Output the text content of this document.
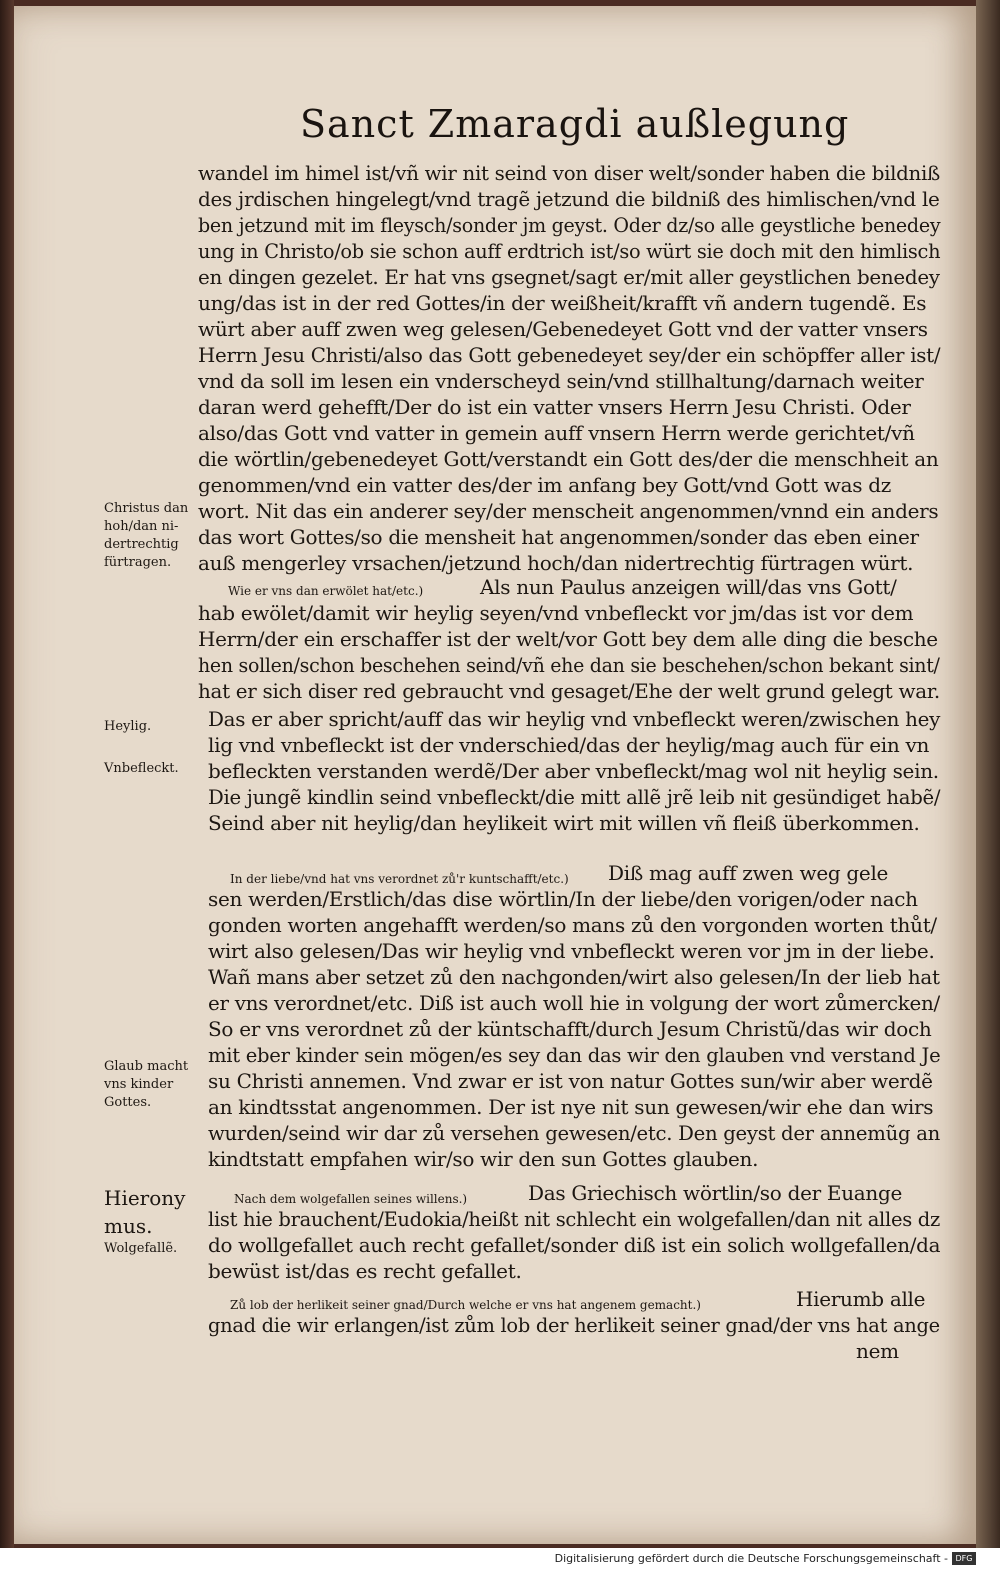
Sanct Zmaragdi außlegung
wandel im himel ist/vñ wir nit seind von diser welt/sonder haben die bildniß
des jrdischen hingelegt/vnd tragẽ jetzund die bildniß des himlischen/vnd le
ben jetzund mit im fleysch/sonder jm geyst. Oder dz/so alle geystliche benedey
ung in Christo/ob sie schon auff erdtrich ist/so würt sie doch mit den himlisch
en dingen gezelet. Er hat vns gsegnet/sagt er/mit aller geystlichen benedey
ung/das ist in der red Gottes/in der weißheit/krafft vñ andern tugendẽ. Es
würt aber auff zwen weg gelesen/Gebenedeyet Gott vnd der vatter vnsers
Herrn Jesu Christi/also das Gott gebenedeyet sey/der ein schöpffer aller ist/
vnd da soll im lesen ein vnderscheyd sein/vnd stillhaltung/darnach weiter
daran werd gehefft/Der do ist ein vatter vnsers Herrn Jesu Christi. Oder
also/das Gott vnd vatter in gemein auff vnsern Herrn werde gerichtet/vñ
die wörtlin/gebenedeyet Gott/verstandt ein Gott des/der die menschheit an
genommen/vnd ein vatter des/der im anfang bey Gott/vnd Gott was dz
wort. Nit das ein anderer sey/der menscheit angenommen/vnnd ein anders
das wort Gottes/so die mensheit hat angenommen/sonder das eben einer
auß mengerley vrsachen/jetzund hoch/dan nidertrechtig fürtragen würt.
Wie er vns dan erwölet hat/etc.)	Als nun Paulus anzeigen will/das vns Gott/
hab ewölet/damit wir heylig seyen/vnd vnbefleckt vor jm/das ist vor dem
Herrn/der ein erschaffer ist der welt/vor Gott bey dem alle ding die besche
hen sollen/schon beschehen seind/vñ ehe dan sie beschehen/schon bekant sint/
hat er sich diser red gebraucht vnd gesaget/Ehe der welt grund gelegt war.
Das er aber spricht/auff das wir heylig vnd vnbefleckt weren/zwischen hey
lig vnd vnbefleckt ist der vnderschied/das der heylig/mag auch für ein vn
befleckten verstanden werdẽ/Der aber vnbefleckt/mag wol nit heylig sein.
Die jungẽ kindlin seind vnbefleckt/die mitt allẽ jrẽ leib nit gesündiget habẽ/
Seind aber nit heylig/dan heylikeit wirt mit willen vñ fleiß überkommen.
In der liebe/vnd hat vns verordnet zů'r kuntschafft/etc.) Diß mag auff zwen weg gele
sen werden/Erstlich/das dise wörtlin/In der liebe/den vorigen/oder nach
gonden worten angehafft werden/so mans zů den vorgonden worten thůt/
wirt also gelesen/Das wir heylig vnd vnbefleckt weren vor jm in der liebe.
Wañ mans aber setzet zů den nachgonden/wirt also gelesen/In der lieb hat
er vns verordnet/etc. Diß ist auch woll hie in volgung der wort zůmercken/
So er vns verordnet zů der küntschafft/durch Jesum Christũ/das wir doch
mit eber kinder sein mögen/es sey dan das wir den glauben vnd verstand Je
su Christi annemen. Vnd zwar er ist von natur Gottes sun/wir aber werdẽ
an kindtsstat angenommen. Der ist nye nit sun gewesen/wir ehe dan wirs
wurden/seind wir dar zů versehen gewesen/etc. Den geyst der annemũg an
kindtstatt empfahen wir/so wir den sun Gottes glauben.
Nach dem wolgefallen seines willens.)	Das Griechisch wörtlin/so der Euange
list hie brauchent/Eudokia/heißt nit schlecht ein wolgefallen/dan nit alles dz
do wollgefallet auch recht gefallet/sonder diß ist ein solich wollgefallen/da
bewüst ist/das es recht gefallet.
Zů lob der herlikeit seiner gnad/Durch welche er vns hat angenem gemacht.)	Hierumb alle
gnad die wir erlangen/ist zům lob der herlikeit seiner gnad/der vns hat ange
nem
Christus dan
hoh/dan ni-
dertrechtig
fürtragen.
Heylig.
Vnbefleckt.
Glaub macht
vns kinder
Gottes.
Hierony
mus.
Wolgefallẽ.
Digitalisierung gefördert durch die Deutsche Forschungsgemeinschaft - DFG
